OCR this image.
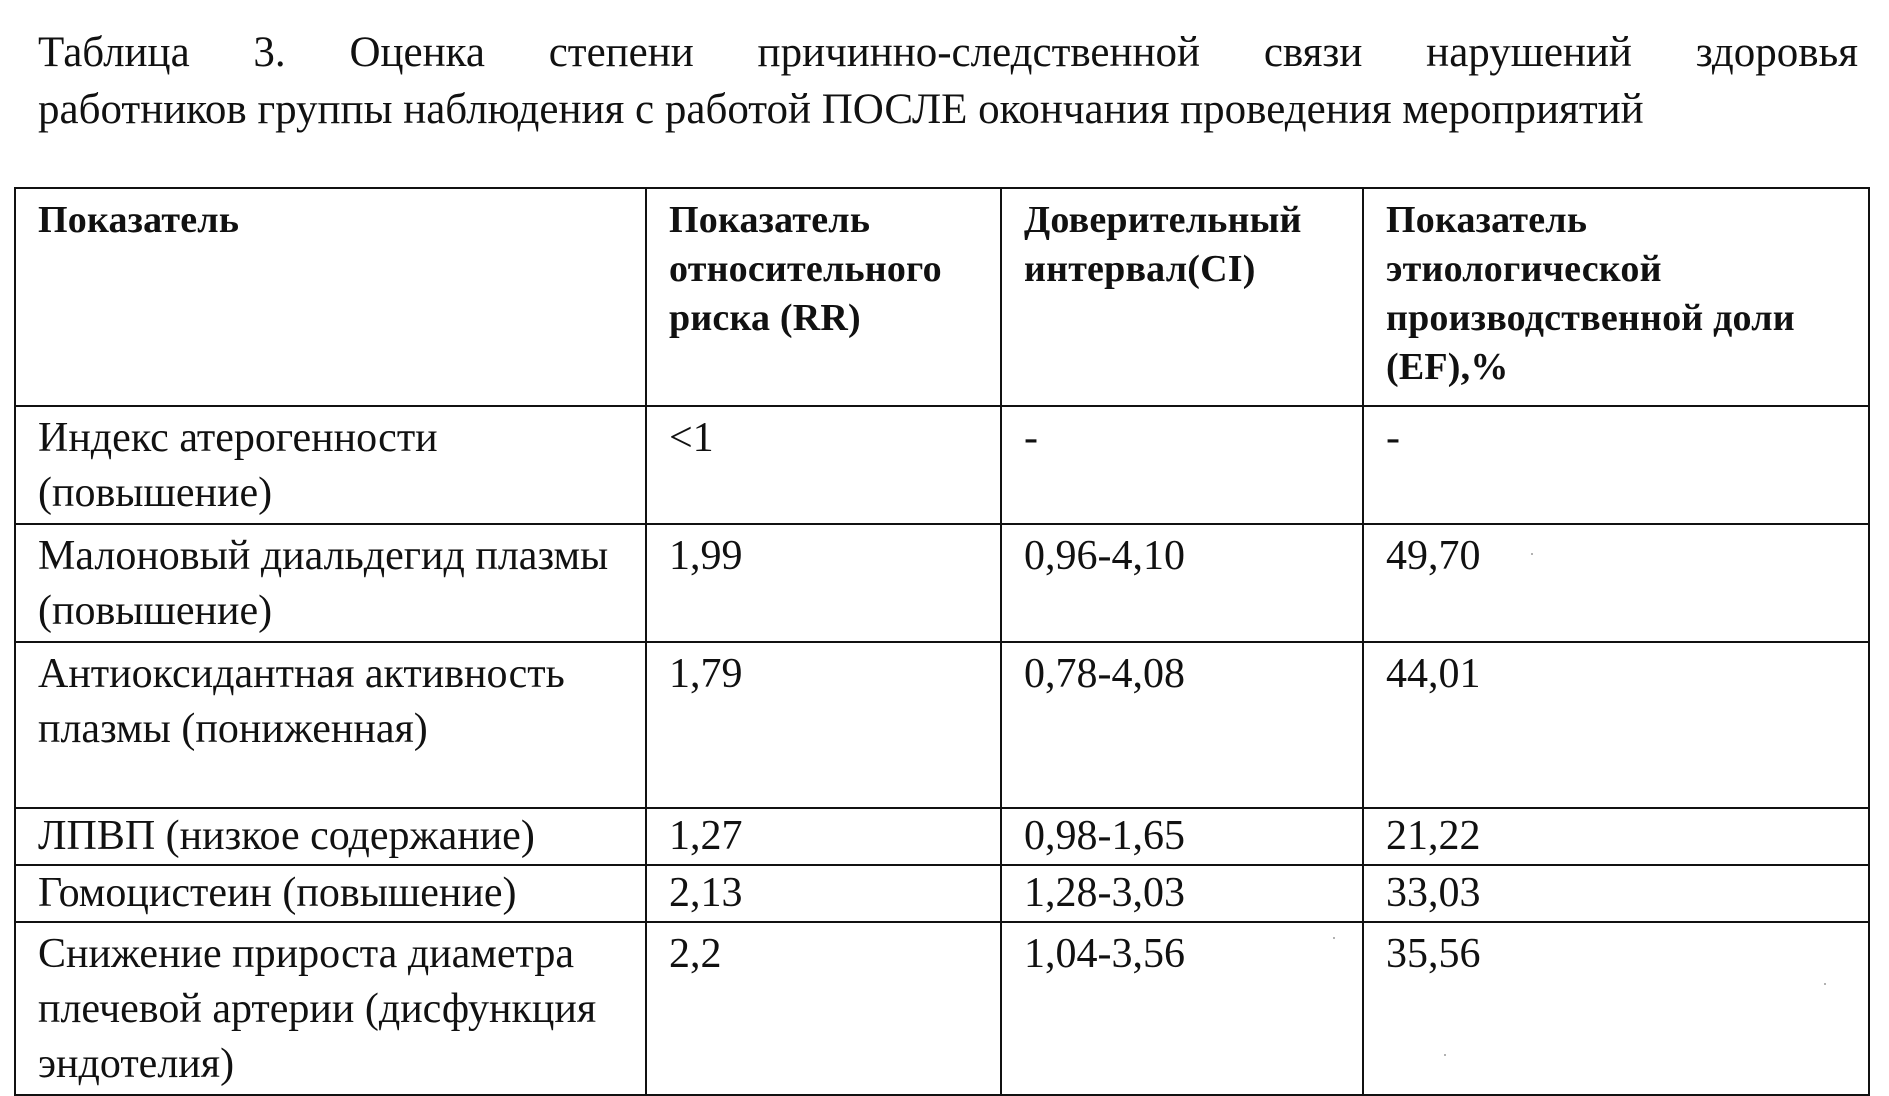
Таблица 3. Оценка степени причинно-следственной связи нарушений здоровья
работников группы наблюдения с работой ПОСЛЕ окончания проведения мероприятий

Показатель	Показатель относительного риска (RR)	Доверительный интервал(CI)	Показатель этиологической производственной доли (EF),%
Индекс атерогенности (повышение)	<1	-	-
Малоновый диальдегид плазмы (повышение)	1,99	0,96-4,10	49,70
Антиоксидантная активность плазмы (пониженная)	1,79	0,78-4,08	44,01
ЛПВП (низкое содержание)	1,27	0,98-1,65	21,22
Гомоцистеин (повышение)	2,13	1,28-3,03	33,03
Снижение прироста диаметра плечевой артерии (дисфункция эндотелия)	2,2	1,04-3,56	35,56
